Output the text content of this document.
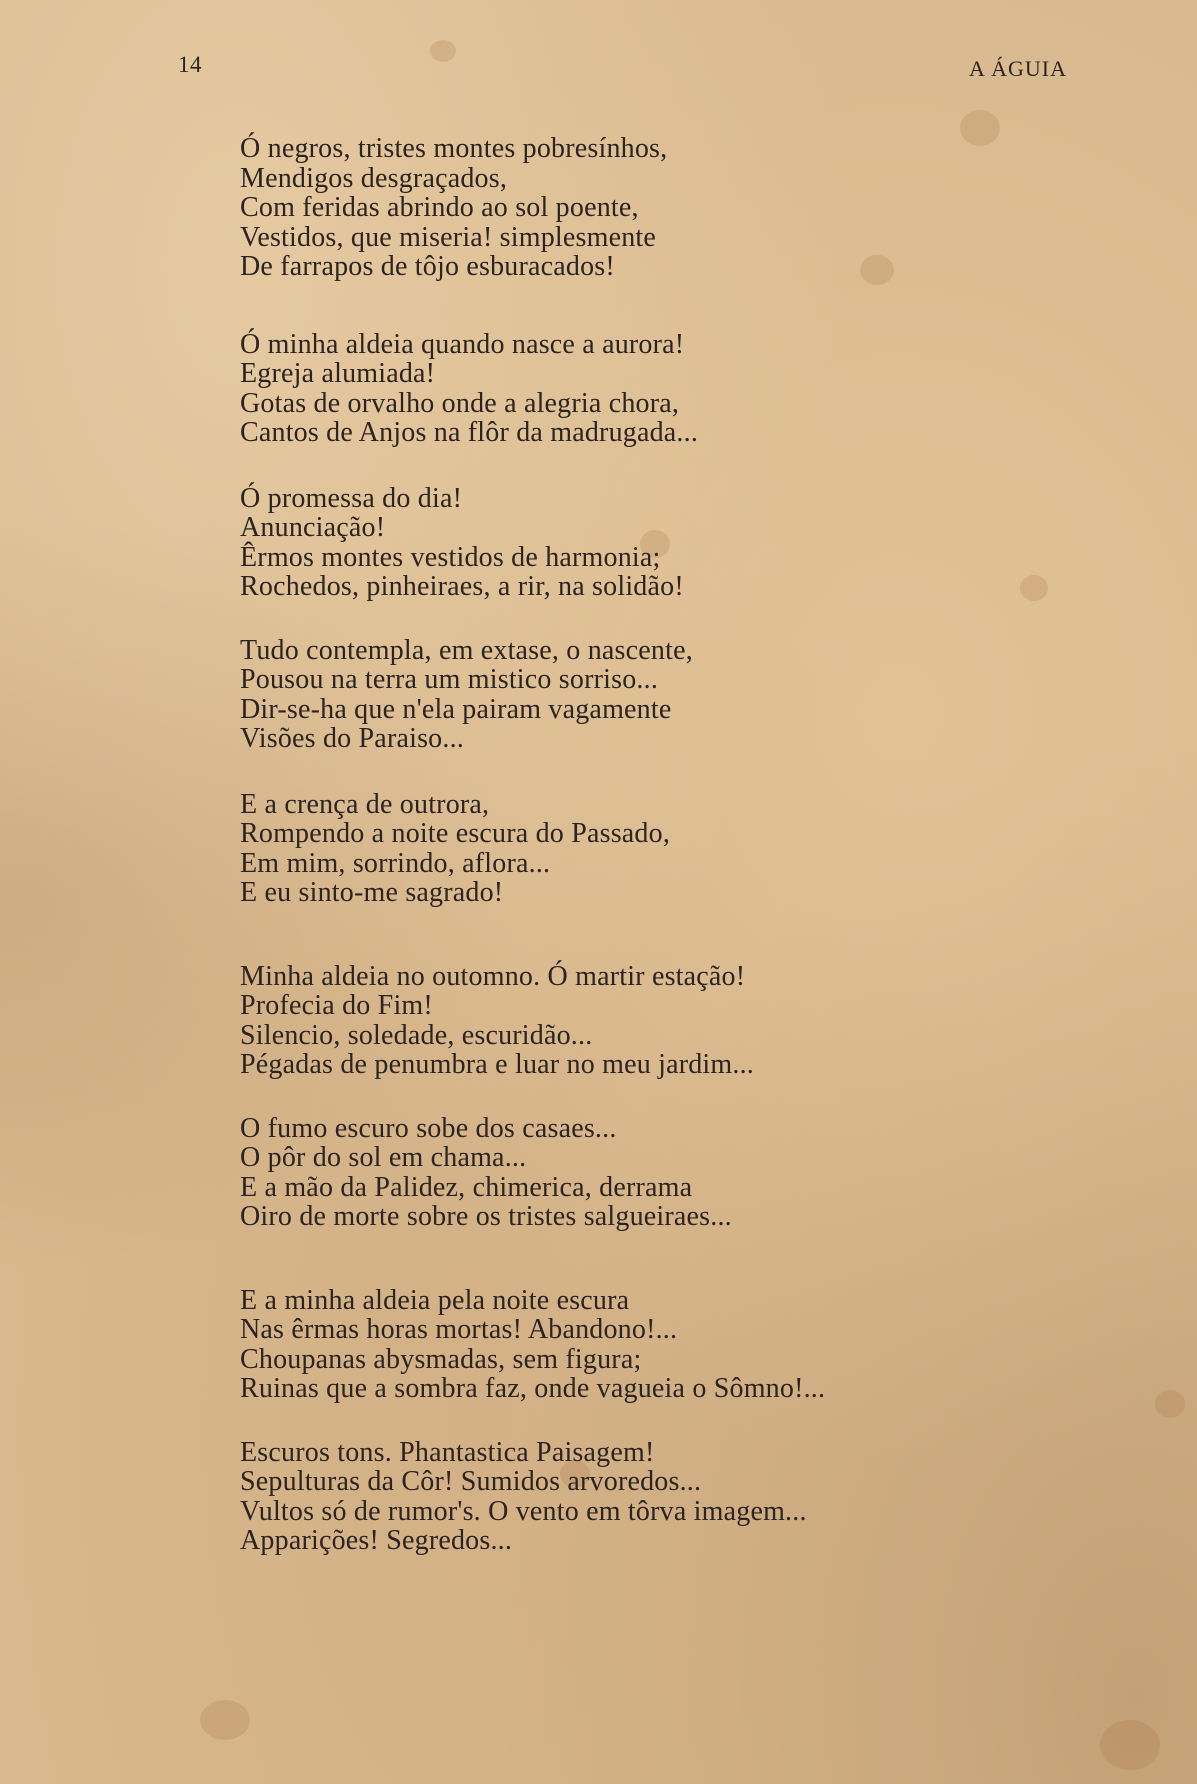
14	A ÁGUIA
Ó negros, tristes montes pobresínhos,
Mendigos desgraçados,
Com feridas abrindo ao sol poente,
Vestidos, que miseria! simplesmente
De farrapos de tôjo esburacados!
Ó minha aldeia quando nasce a aurora!
Egreja alumiada!
Gotas de orvalho onde a alegria chora,
Cantos de Anjos na flôr da madrugada...
Ó promessa do dia!
Anunciação!
Êrmos montes vestidos de harmonia;
Rochedos, pinheiraes, a rir, na solidão!
Tudo contempla, em extase, o nascente,
Pousou na terra um mistico sorriso...
Dir-se-ha que n'ela pairam vagamente
Visões do Paraiso...
E a crença de outrora,
Rompendo a noite escura do Passado,
Em mim, sorrindo, aflora...
E eu sinto-me sagrado!
Minha aldeia no outomno. Ó martir estação!
Profecia do Fim!
Silencio, soledade, escuridão...
Pégadas de penumbra e luar no meu jardim...
O fumo escuro sobe dos casaes...
O pôr do sol em chama...
E a mão da Palidez, chimerica, derrama
Oiro de morte sobre os tristes salgueiraes...
E a minha aldeia pela noite escura
Nas êrmas horas mortas! Abandono!...
Choupanas abysmadas, sem figura;
Ruinas que a sombra faz, onde vagueia o Sômno!...
Escuros tons. Phantastica Paisagem!
Sepulturas da Côr! Sumidos arvoredos...
Vultos só de rumor's. O vento em tôrva imagem...
Apparições! Segredos...
